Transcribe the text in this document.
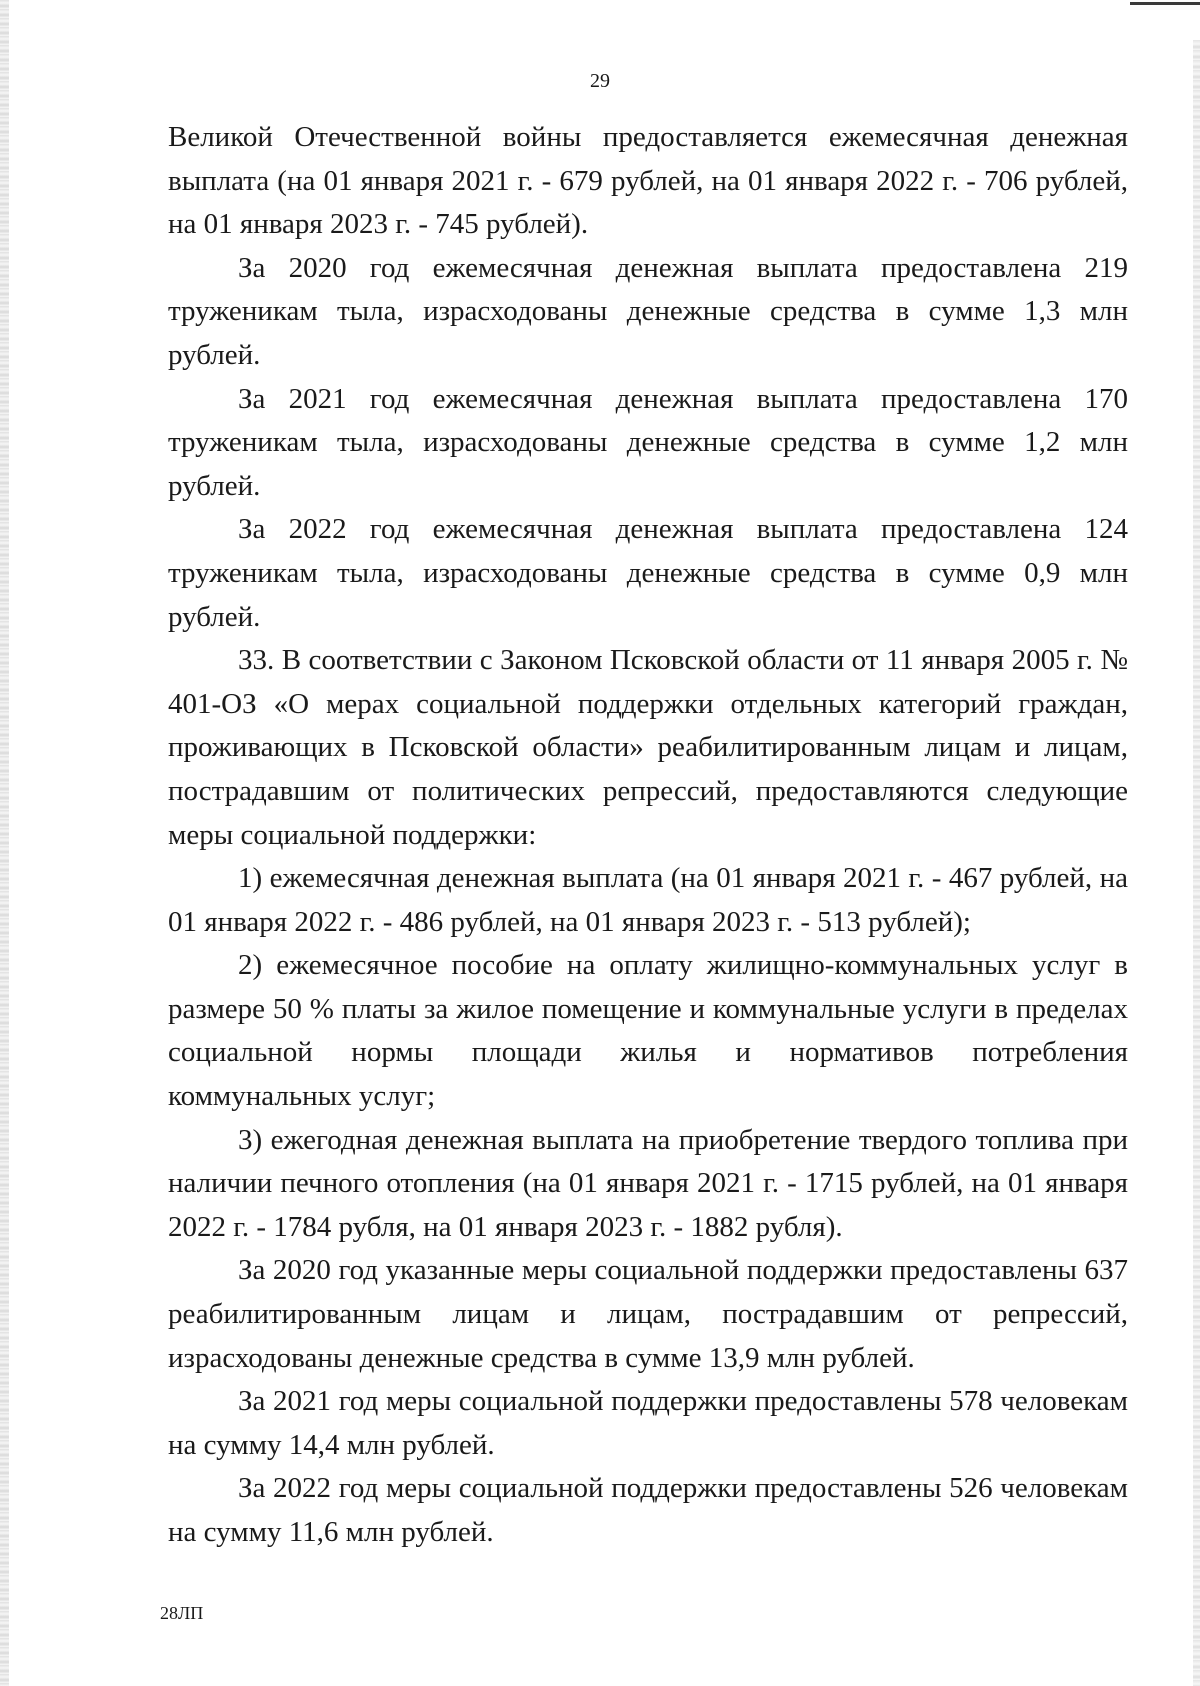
29

Великой Отечественной войны предоставляется ежемесячная денежная выплата (на 01 января 2021 г. - 679 рублей, на 01 января 2022 г. - 706 рублей, на 01 января 2023 г. - 745 рублей).

За 2020 год ежемесячная денежная выплата предоставлена 219 труженикам тыла, израсходованы денежные средства в сумме 1,3 млн рублей.

За 2021 год ежемесячная денежная выплата предоставлена 170 труженикам тыла, израсходованы денежные средства в сумме 1,2 млн рублей.

За 2022 год ежемесячная денежная выплата предоставлена 124 труженикам тыла, израсходованы денежные средства в сумме 0,9 млн рублей.

33. В соответствии с Законом Псковской области от 11 января 2005 г. № 401-ОЗ «О мерах социальной поддержки отдельных категорий граждан, проживающих в Псковской области» реабилитированным лицам и лицам, пострадавшим от политических репрессий, предоставляются следующие меры социальной поддержки:

1) ежемесячная денежная выплата (на 01 января 2021 г. - 467 рублей, на 01 января 2022 г. - 486 рублей, на 01 января 2023 г. - 513 рублей);

2) ежемесячное пособие на оплату жилищно-коммунальных услуг в размере 50 % платы за жилое помещение и коммунальные услуги в пределах социальной нормы площади жилья и нормативов потребления коммунальных услуг;

3) ежегодная денежная выплата на приобретение твердого топлива при наличии печного отопления (на 01 января 2021 г. - 1715 рублей, на 01 января 2022 г. - 1784 рубля, на 01 января 2023 г. - 1882 рубля).

За 2020 год указанные меры социальной поддержки предоставлены 637 реабилитированным лицам и лицам, пострадавшим от репрессий, израсходованы денежные средства в сумме 13,9 млн рублей.

За 2021 год меры социальной поддержки предоставлены 578 человекам на сумму 14,4 млн рублей.

За 2022 год меры социальной поддержки предоставлены 526 человекам на сумму 11,6 млн рублей.

28ЛП
